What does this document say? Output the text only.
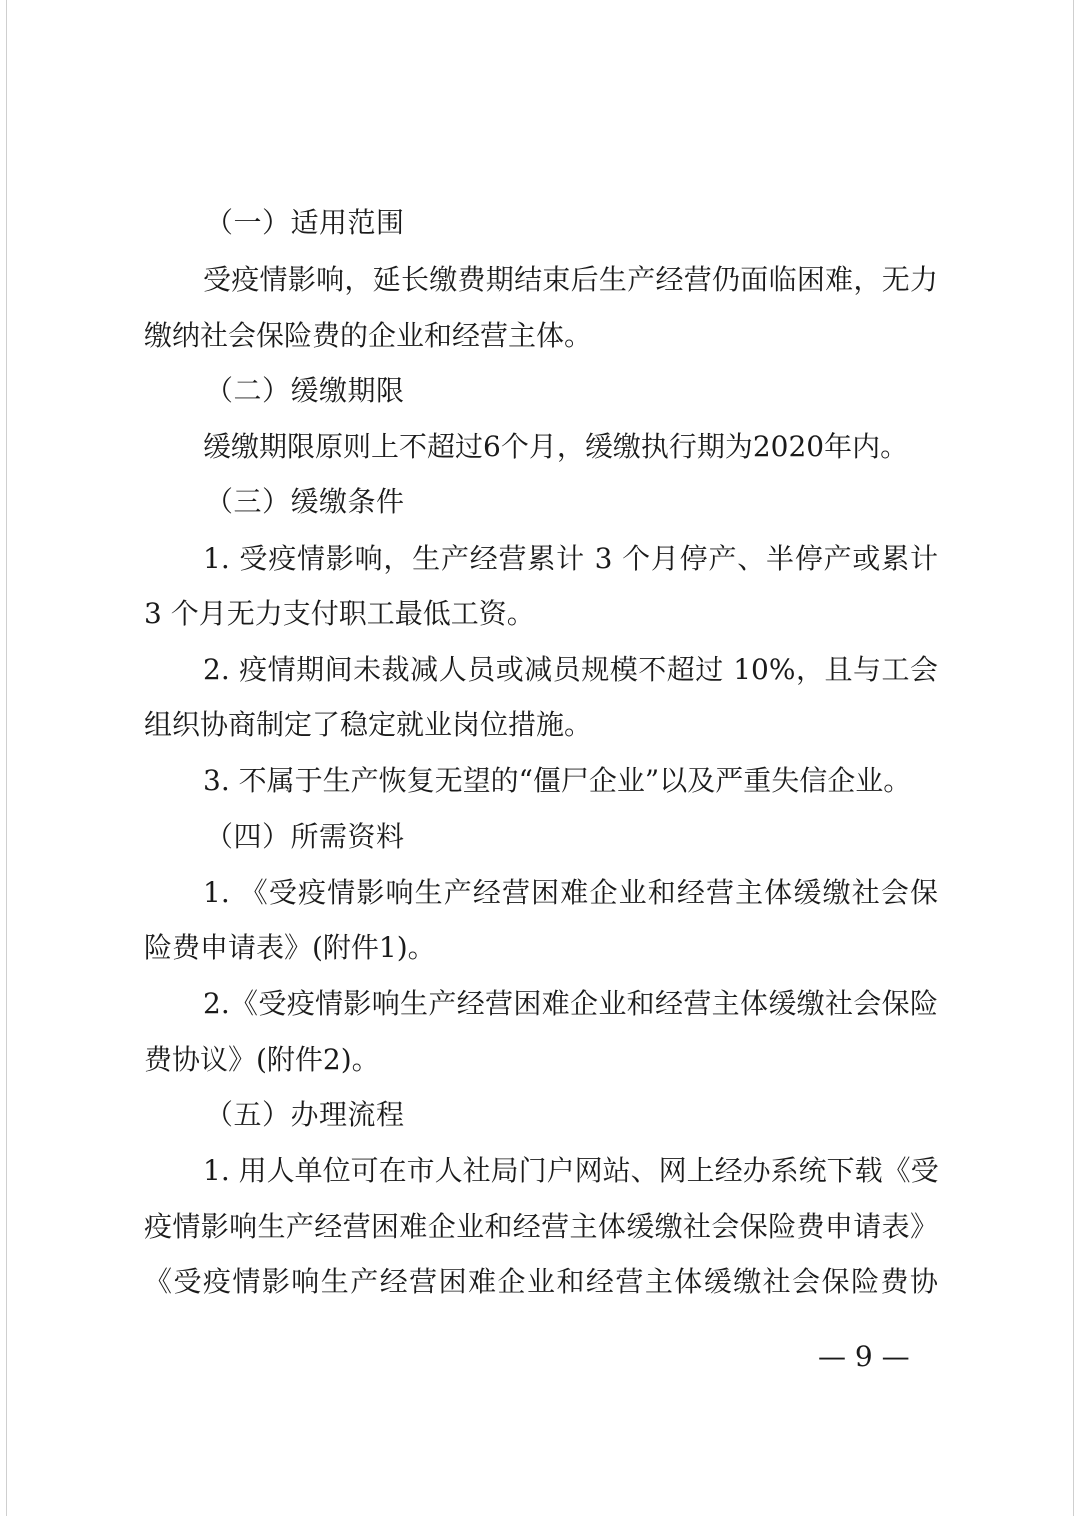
（一）适用范围
受疫情影响，延长缴费期结束后生产经营仍面临困难，无力
缴纳社会保险费的企业和经营主体。
（二）缓缴期限
缓缴期限原则上不超过6个月，缓缴执行期为2020年内。
（三）缓缴条件
1. 受疫情影响，生产经营累计 3 个月停产、半停产或累计
3 个月无力支付职工最低工资。
2. 疫情期间未裁减人员或减员规模不超过 10%，且与工会
组织协商制定了稳定就业岗位措施。
3. 不属于生产恢复无望的“僵尸企业”以及严重失信企业。
（四）所需资料
1. 《受疫情影响生产经营困难企业和经营主体缓缴社会保
险费申请表》(附件1)。
2.《受疫情影响生产经营困难企业和经营主体缓缴社会保险
费协议》(附件2)。
（五）办理流程
1. 用人单位可在市人社局门户网站、网上经办系统下载《受
疫情影响生产经营困难企业和经营主体缓缴社会保险费申请表》
《受疫情影响生产经营困难企业和经营主体缓缴社会保险费协
— 9 —
